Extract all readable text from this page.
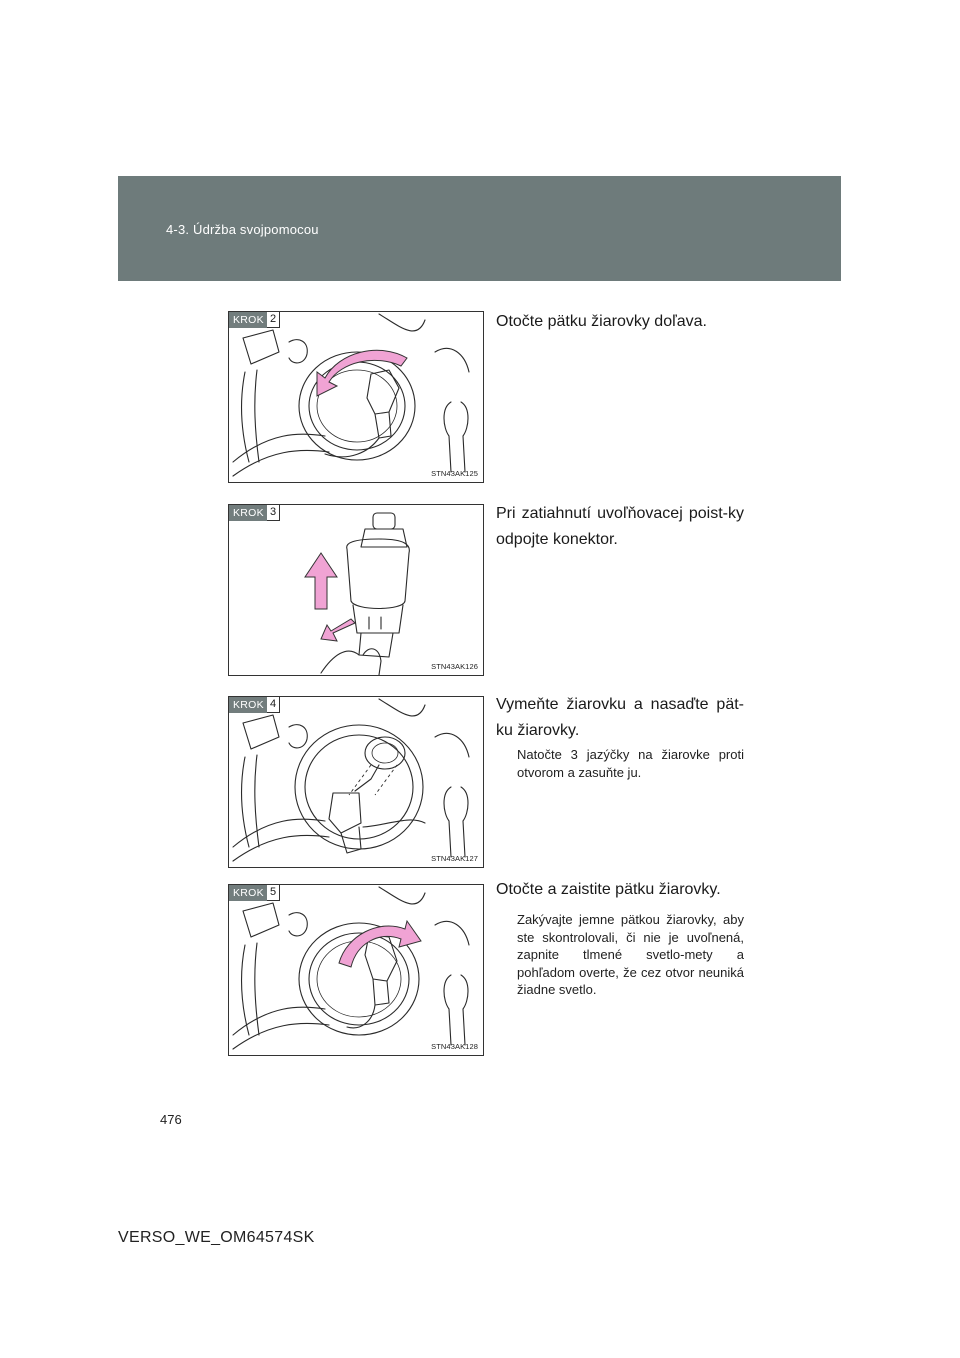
4-3. Údržba svojpomocou
KROK 2
STN43AK125
Otočte pätku žiarovky doľava.
KROK 3
STN43AK126
Pri zatiahnutí uvoľňovacej poist-ky odpojte konektor.
KROK 4
STN43AK127
Vymeňte žiarovku a nasaďte pät-ku žiarovky.
Natočte 3 jazýčky na žiarovke proti otvorom a zasuňte ju.
KROK 5
STN43AK128
Otočte a zaistite pätku žiarovky.
Zakývajte jemne pätkou žiarovky, aby ste skontrolovali, či nie je uvoľnená, zapnite tlmené svetlo-mety a pohľadom overte, že cez otvor neuniká žiadne svetlo.
476
VERSO_WE_OM64574SK
